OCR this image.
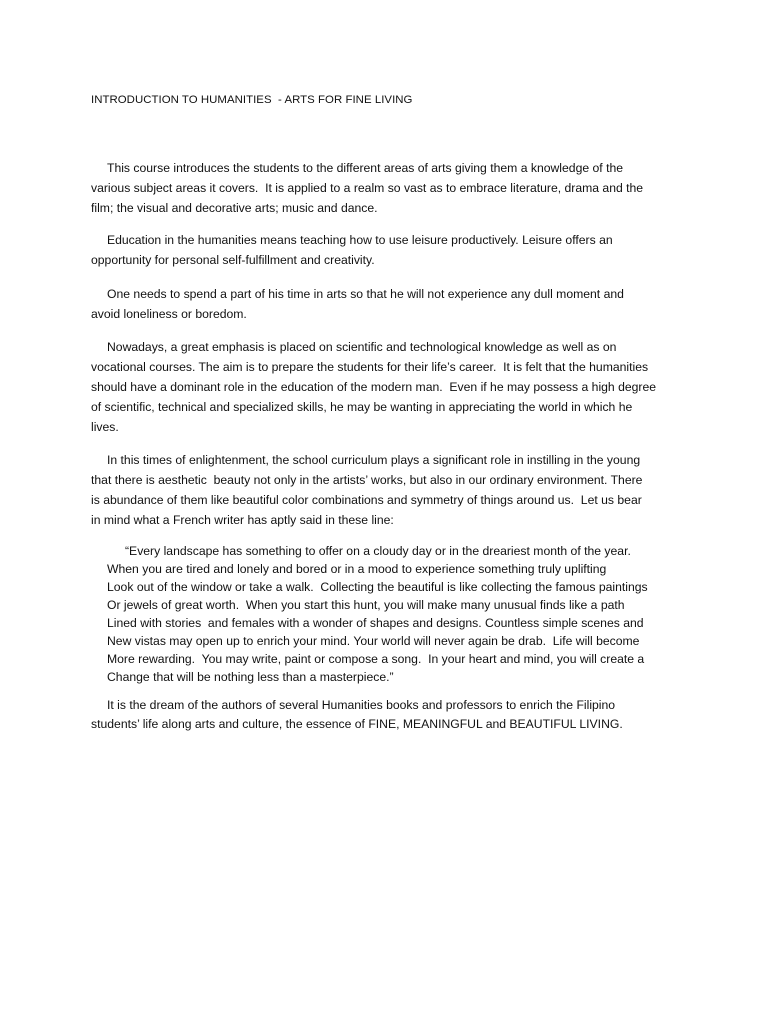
INTRODUCTION TO HUMANITIES  - ARTS FOR FINE LIVING

This course introduces the students to the different areas of arts giving them a knowledge of the
various subject areas it covers.  It is applied to a realm so vast as to embrace literature, drama and the
film; the visual and decorative arts; music and dance.

Education in the humanities means teaching how to use leisure productively. Leisure offers an
opportunity for personal self-fulfillment and creativity.

One needs to spend a part of his time in arts so that he will not experience any dull moment and
avoid loneliness or boredom.

Nowadays, a great emphasis is placed on scientific and technological knowledge as well as on
vocational courses. The aim is to prepare the students for their life’s career.  It is felt that the humanities
should have a dominant role in the education of the modern man.  Even if he may possess a high degree
of scientific, technical and specialized skills, he may be wanting in appreciating the world in which he
lives.

In this times of enlightenment, the school curriculum plays a significant role in instilling in the young
that there is aesthetic  beauty not only in the artists’ works, but also in our ordinary environment. There
is abundance of them like beautiful color combinations and symmetry of things around us.  Let us bear
in mind what a French writer has aptly said in these line:

“Every landscape has something to offer on a cloudy day or in the dreariest month of the year.
When you are tired and lonely and bored or in a mood to experience something truly uplifting
Look out of the window or take a walk.  Collecting the beautiful is like collecting the famous paintings
Or jewels of great worth.  When you start this hunt, you will make many unusual finds like a path
Lined with stories  and females with a wonder of shapes and designs. Countless simple scenes and
New vistas may open up to enrich your mind. Your world will never again be drab.  Life will become
More rewarding.  You may write, paint or compose a song.  In your heart and mind, you will create a
Change that will be nothing less than a masterpiece.”

It is the dream of the authors of several Humanities books and professors to enrich the Filipino
students’ life along arts and culture, the essence of FINE, MEANINGFUL and BEAUTIFUL LIVING.
